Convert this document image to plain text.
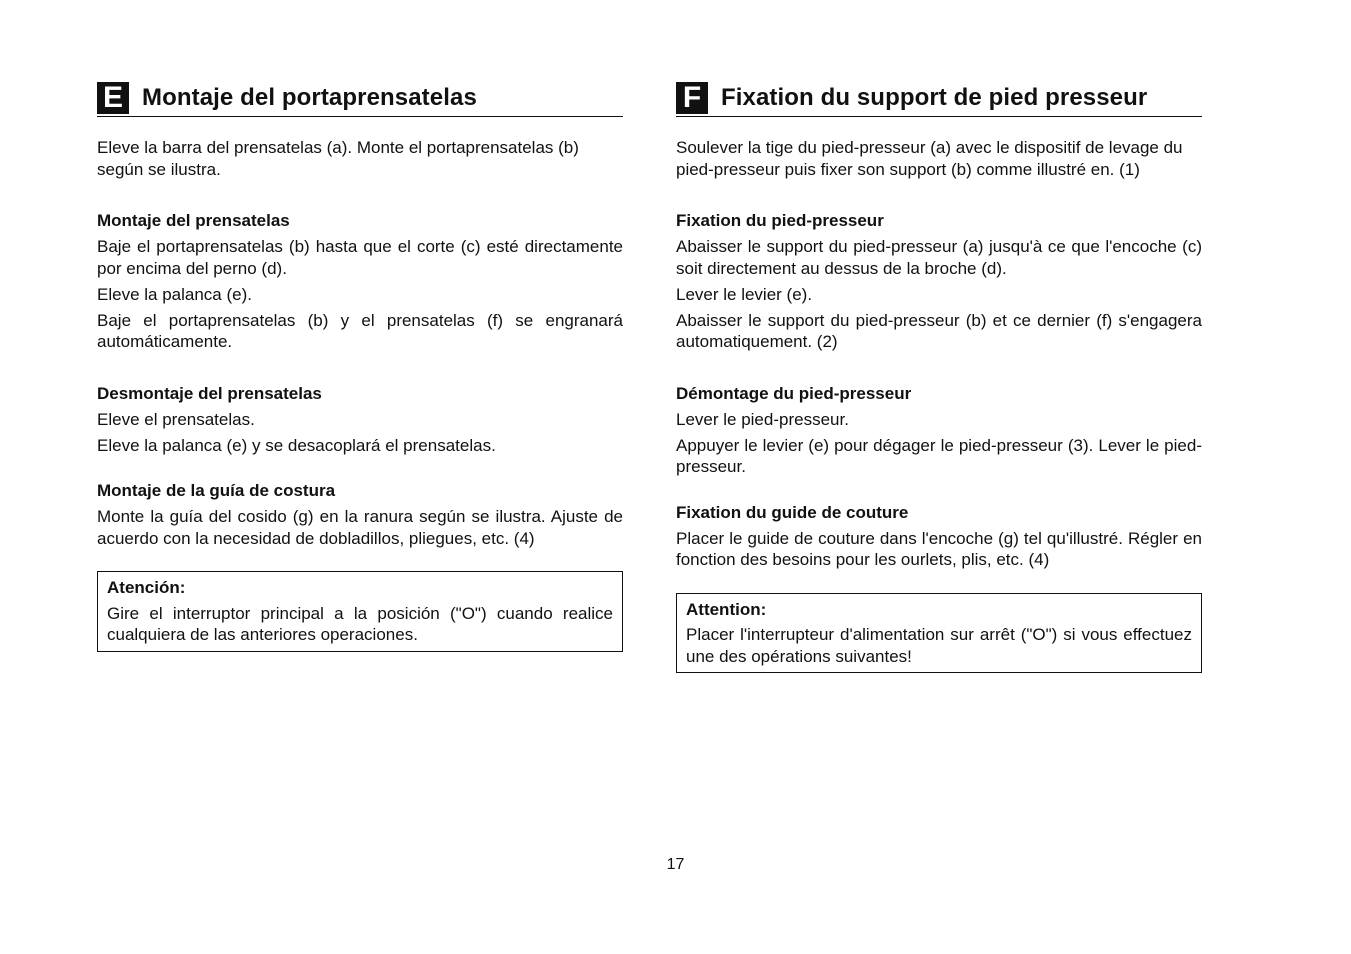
E Montaje del portaprensatelas

Eleve la barra del prensatelas (a). Monte el portaprensatelas (b) según se ilustra.

Montaje del prensatelas

Baje el portaprensatelas (b) hasta que el corte (c) esté directamente por encima del perno (d).

Eleve la palanca (e).

Baje el portaprensatelas (b) y el prensatelas (f) se engranará automáticamente.

Desmontaje del prensatelas

Eleve el prensatelas.

Eleve la palanca (e) y se desacoplará el prensatelas.

Montaje de la guía de costura

Monte la guía del cosido (g) en la ranura según se ilustra. Ajuste de acuerdo con la necesidad de dobladillos, pliegues, etc. (4)

Atención:

Gire el interruptor principal a la posición ("O") cuando realice cualquiera de las anteriores operaciones.

F Fixation du support de pied presseur

Soulever la tige du pied-presseur (a) avec le dispositif de levage du pied-presseur puis fixer son support (b) comme illustré en. (1)

Fixation du pied-presseur

Abaisser le support du pied-presseur (a) jusqu'à ce que l'encoche (c) soit directement au dessus de la broche (d).

Lever le levier (e).

Abaisser le support du pied-presseur (b) et ce dernier (f) s'engagera automatiquement. (2)

Démontage du pied-presseur

Lever le pied-presseur.

Appuyer le levier (e) pour dégager le pied-presseur (3). Lever le pied-presseur.

Fixation du guide de couture

Placer le guide de couture dans l'encoche (g) tel qu'illustré. Régler en fonction des besoins pour les ourlets, plis, etc. (4)

Attention:

Placer l'interrupteur d'alimentation sur arrêt ("O") si vous effectuez une des opérations suivantes!

17
